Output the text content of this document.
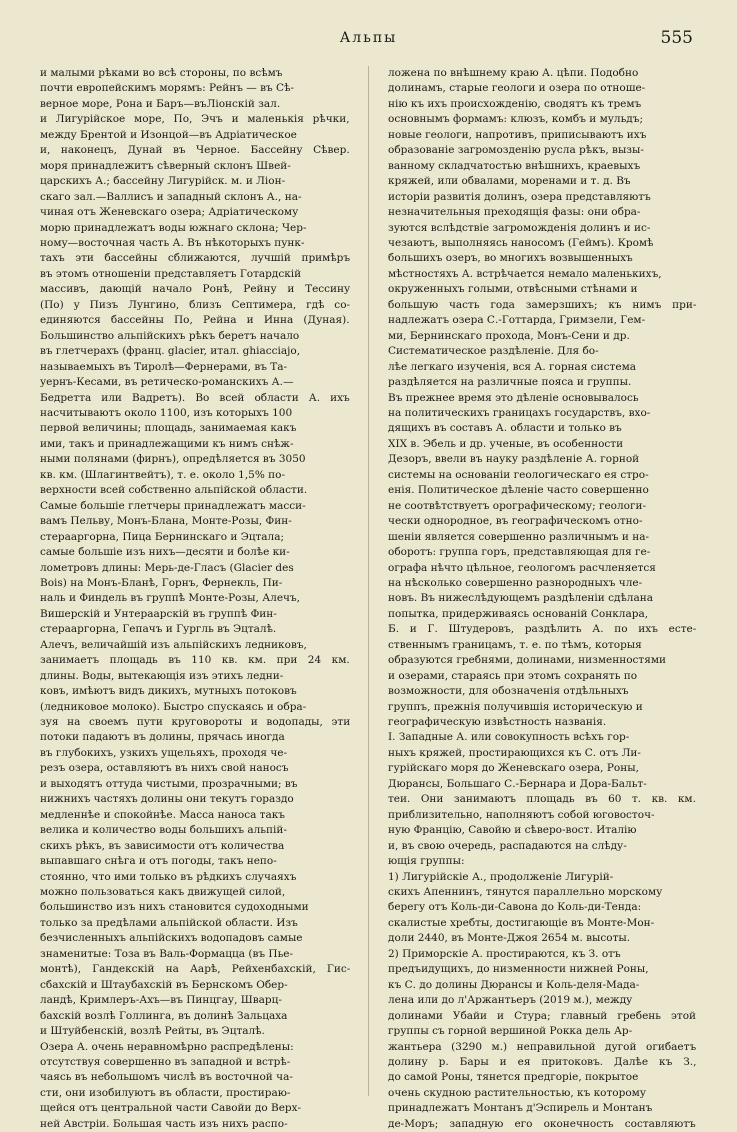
Альпы	555
и малыми рѣками во всѣ стороны, по всѣмъ
почти европейскимъ морямъ: Рейнъ — въ Сѣ-
верное море, Рона и Баръ—въЛіонскій зал.
и Лигурійское море, По, Эчъ и маленькія рѣчки,
между Брентой и Изонцой—въ Адріатическое
и, наконецъ, Дунай въ Черное. Бассейну Сѣвер.
моря принадлежитъ сѣверный склонъ Швей-
царскихъ А.; бассейну Лигурійск. м. и Ліон-
скаго зал.—Валлисъ и западный склонъ А., на-
чиная отъ Женевскаго озера; Адріатическому
морю принадлежатъ воды южнаго склона; Чер-
ному—восточная часть А. Въ нѣкоторыхъ пунк-
тахъ эти бассейны сближаются, лучшій примѣръ
въ этомъ отношеніи представляетъ Готардскій
массивъ, дающій начало Ронѣ, Рейну и Тессину
(По) у Пизъ Лунгино, близъ Септимера, гдѣ со-
единяются бассейны По, Рейна и Инна (Дуная).
Большинство альпійскихъ рѣкъ беретъ начало
въ глетчерахъ (франц. glacier, итал. ghiacciajo,
называемыхъ въ Тиролѣ—Фернерами, въ Та-
уернъ-Кесами, въ ретическо-романскихъ А.—
Бедретта или Вадретъ). Во всей области А. ихъ
насчитываютъ около 1100, изъ которыхъ 100
первой величины; площадь, занимаемая какъ
ими, такъ и принадлежащими къ нимъ снѣж-
ными полянами (фирнъ), опредѣляется въ 3050
кв. км. (Шлагинтвейтъ), т. е. около 1,5% по-
верхности всей собственно альпійской области.
Самые большіе глетчеры принадлежатъ масси-
вамъ Пельву, Монъ-Блана, Монте-Розы, Фин-
стерааргорна, Пица Бернинскаго и Эцтала;
самые большіе изъ нихъ—десяти и болѣе ки-
лометровъ длины: Мерь-де-Гласъ (Glacier des
Bois) на Монъ-Бланѣ, Горнъ, Фернекль, Пи-
наль и Финдель въ группѣ Монте-Розы, Алечъ,
Вишерскій и Унтераарскій въ группѣ Фин-
стерааргорна, Гепачъ и Гургль въ Эцталѣ.
Алечъ, величайшій изъ альпійскихъ ледниковъ,
занимаетъ площадь въ 110 кв. км. при 24 км.
длины. Воды, вытекающія изъ этихъ ледни-
ковъ, имѣютъ видъ дикихъ, мутныхъ потоковъ
(ледниковое молоко). Быстро спускаясь и обра-
зуя на своемъ пути круговороты и водопады, эти
потоки падаютъ въ долины, прячась иногда
въ глубокихъ, узкихъ ущельяхъ, проходя че-
резъ озера, оставляютъ въ нихъ свой наносъ
и выходятъ оттуда чистыми, прозрачными; въ
нижнихъ частяхъ долины они текутъ гораздо
медленнѣе и спокойнѣе. Масса наноса такъ
велика и количество воды большихъ альпій-
скихъ рѣкъ, въ зависимости отъ количества
выпавшаго снѣга и отъ погоды, такъ непо-
стоянно, что ими только въ рѣдкихъ случаяхъ
можно пользоваться какъ движущей силой,
большинство изъ нихъ становится судоходными
только за предѣлами альпійской области. Изъ
безчисленныхъ альпійскихъ водопадовъ самые
знаменитые: Тоза въ Валь-Формацца (въ Пье-
монтѣ), Гандекскій на Аарѣ, Рейхенбахскій, Гис-
сбахскій и Штаубахскій въ Бернскомъ Обер-
ландѣ, Кримлеръ-Ахъ—въ Пинцгау, Шварц-
бахскій возлѣ Голлинга, въ долинѣ Зальцаха
и Штуйбенскій, возлѣ Рейты, въ Эцталѣ.
Озера А. очень неравномѣрно распредѣлены:
отсутствуя совершенно въ западной и встрѣ-
чаясь въ небольшомъ числѣ въ восточной ча-
сти, они изобилуютъ въ области, простираю-
щейся отъ центральной части Савойи до Верх-
ней Австріи. Большая часть изъ нихъ распо-
ложена по внѣшнему краю А. цѣпи. Подобно
долинамъ, старые геологи и озера по отноше-
нію къ ихъ происхожденію, сводятъ къ тремъ
основнымъ формамъ: клюзъ, комбъ и мульдъ;
новые геологи, напротивъ, приписываютъ ихъ
образованіе загромозденію русла рѣкъ, вызы-
ванному складчатостью внѣшнихъ, краевыхъ
кряжей, или обвалами, моренами и т. д. Въ
исторіи развитія долинъ, озера представляютъ
незначительныя преходящія фазы: они обра-
зуются вслѣдствіе загроможденія долинъ и ис-
чезаютъ, выполняясь наносомъ (Геймъ). Кромѣ
большихъ озеръ, во многихъ возвышенныхъ
мѣстностяхъ А. встрѣчается немало маленькихъ,
окруженныхъ голыми, отвѣсными стѣнами и
большую часть года замерзшихъ; къ нимъ при-
надлежатъ озера С.-Готтарда, Гримзели, Гем-
ми, Бернинскаго прохода, Монъ-Сени и др.
Систематическое раздѣленіе. Для бо-
лѣе легкаго изученія, вся А. горная система
раздѣляется на различные пояса и группы.
Въ прежнее время это дѣленіе основывалось
на политическихъ границахъ государствъ, вхо-
дящихъ въ составъ А. области и только въ
XIX в. Эбель и др. ученые, въ особенности
Дезоръ, ввели въ науку раздѣленіе А. горной
системы на основаніи геологическаго ея стро-
енія. Политическое дѣленіе часто совершенно
не соотвѣтствуетъ орографическому; геологи-
чески однородное, въ географическомъ отно-
шеніи является совершенно различнымъ и на-
оборотъ: группа горъ, представляющая для ге-
ографа нѣчто цѣльное, геологомъ расчленяется
на нѣсколько совершенно разнородныхъ чле-
новъ. Въ нижеслѣдующемъ раздѣленіи сдѣлана
попытка, придерживаясь основаній Сонклара,
Б. и Г. Штудеровъ, раздѣлить А. по ихъ есте-
ственнымъ границамъ, т. е. по тѣмъ, которыя
образуются гребнями, долинами, низменностями
и озерами, стараясь при этомъ сохранять по
возможности, для обозначенія отдѣльныхъ
группъ, прежнія получившія историческую и
географическую извѣстность названія.
I. Западные А. или совокупность всѣхъ гор-
ныхъ кряжей, простирающихся къ С. отъ Ли-
гурійскаго моря до Женевскаго озера, Роны,
Дюрансы, Большаго С.-Бернара и Дора-Бальт-
теи. Они занимаютъ площадь въ 60 т. кв. км.
приблизительно, наполняютъ собой юговосточ-
ную Францію, Савойю и сѣверо-вост. Италію
и, въ свою очередь, распадаются на слѣду-
ющія группы:
1) Лигурійскіе А., продолженіе Лигурій-
скихъ Апеннинъ, тянутся параллельно морскому
берегу отъ Коль-ди-Савона до Коль-ди-Тенда:
скалистые хребты, достигающіе въ Монте-Мон-
доли 2440, въ Монте-Джоя 2654 м. высоты.
2) Приморскіе А. простираются, къ З. отъ
предъидущихъ, до низменности нижней Роны,
къ С. до долины Дюрансы и Коль-деля-Мада-
лена или до л'Аржантьеръ (2019 м.), между
долинами Убайи и Стура; главный гребень этой
группы съ горной вершиной Рокка дель Ар-
жантьера (3290 м.) неправильной дугой огибаетъ
долину р. Бары и ея притоковъ. Далѣе къ З.,
до самой Роны, тянется предгоріе, покрытое
очень скудною растительностью, къ которому
принадлежатъ Монтанъ д'Эспирель и Монтанъ
де-Моръ; западную его оконечность составляютъ
